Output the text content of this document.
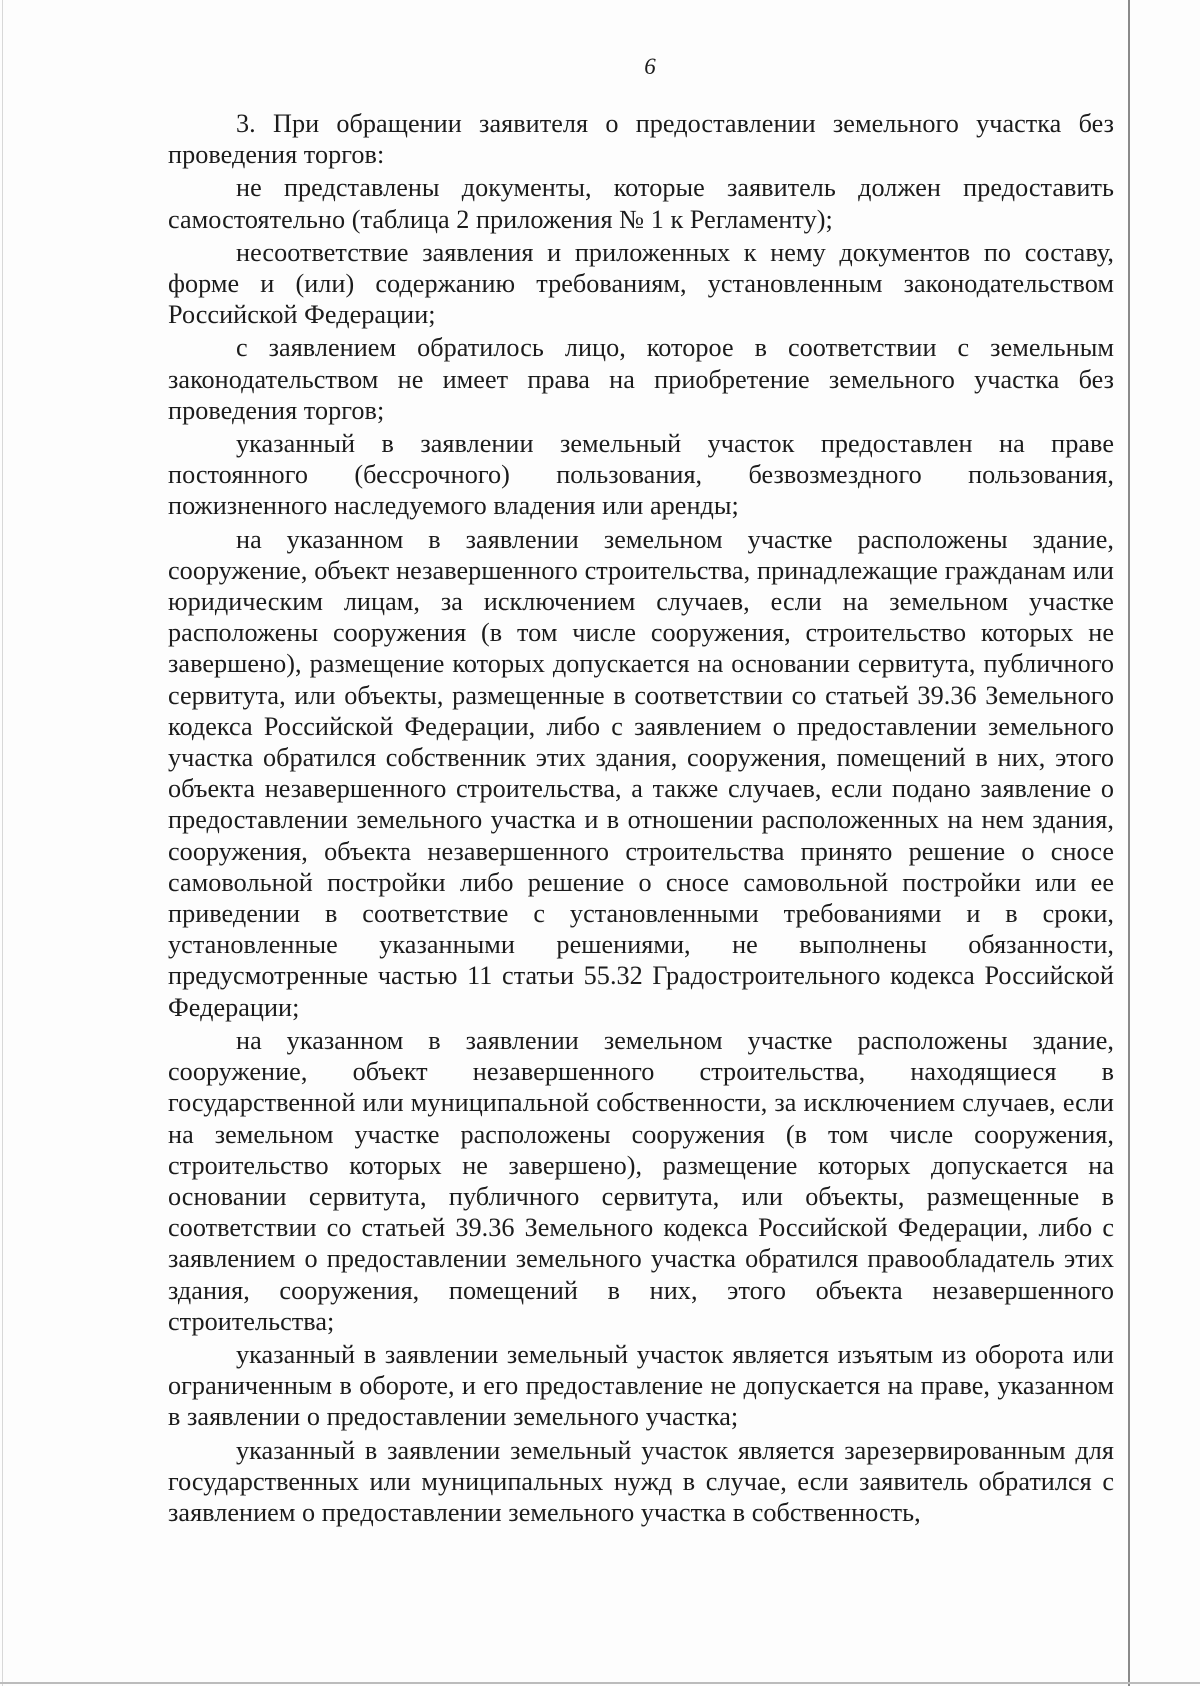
6

3. При обращении заявителя о предоставлении земельного участка без проведения торгов:

не представлены документы, которые заявитель должен предоставить самостоятельно (таблица 2 приложения № 1 к Регламенту);

несоответствие заявления и приложенных к нему документов по составу, форме и (или) содержанию требованиям, установленным законодательством Российской Федерации;

с заявлением обратилось лицо, которое в соответствии с земельным законодательством не имеет права на приобретение земельного участка без проведения торгов;

указанный в заявлении земельный участок предоставлен на праве постоянного (бессрочного) пользования, безвозмездного пользования, пожизненного наследуемого владения или аренды;

на указанном в заявлении земельном участке расположены здание, сооружение, объект незавершенного строительства, принадлежащие гражданам или юридическим лицам, за исключением случаев, если на земельном участке расположены сооружения (в том числе сооружения, строительство которых не завершено), размещение которых допускается на основании сервитута, публичного сервитута, или объекты, размещенные в соответствии со статьей 39.36 Земельного кодекса Российской Федерации, либо с заявлением о предоставлении земельного участка обратился собственник этих здания, сооружения, помещений в них, этого объекта незавершенного строительства, а также случаев, если подано заявление о предоставлении земельного участка и в отношении расположенных на нем здания, сооружения, объекта незавершенного строительства принято решение о сносе самовольной постройки либо решение о сносе самовольной постройки или ее приведении в соответствие с установленными требованиями и в сроки, установленные указанными решениями, не выполнены обязанности, предусмотренные частью 11 статьи 55.32 Градостроительного кодекса Российской Федерации;

на указанном в заявлении земельном участке расположены здание, сооружение, объект незавершенного строительства, находящиеся в государственной или муниципальной собственности, за исключением случаев, если на земельном участке расположены сооружения (в том числе сооружения, строительство которых не завершено), размещение которых допускается на основании сервитута, публичного сервитута, или объекты, размещенные в соответствии со статьей 39.36 Земельного кодекса Российской Федерации, либо с заявлением о предоставлении земельного участка обратился правообладатель этих здания, сооружения, помещений в них, этого объекта незавершенного строительства;

указанный в заявлении земельный участок является изъятым из оборота или ограниченным в обороте, и его предоставление не допускается на праве, указанном в заявлении о предоставлении земельного участка;

указанный в заявлении земельный участок является зарезервированным для государственных или муниципальных нужд в случае, если заявитель обратился с заявлением о предоставлении земельного участка в собственность,
